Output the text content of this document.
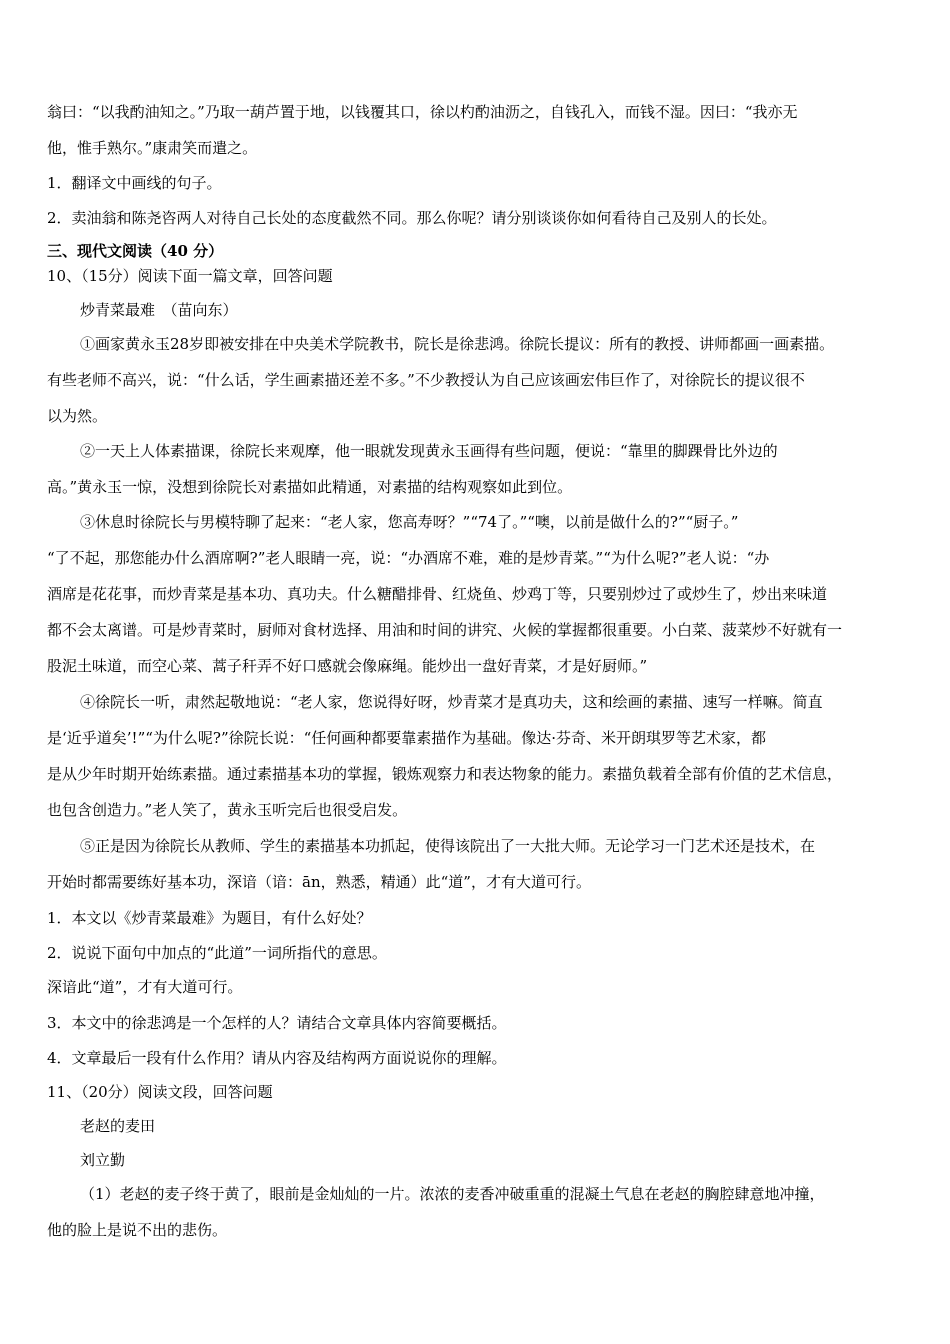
翁曰：“以我酌油知之。”乃取一葫芦置于地，以钱覆其口，徐以杓酌油沥之，自钱孔入，而钱不湿。因曰：“我亦无
他，惟手熟尔。”康肃笑而遣之。
1．翻译文中画线的句子。
2．卖油翁和陈尧咨两人对待自己长处的态度截然不同。那么你呢？请分别谈谈你如何看待自己及别人的长处。
三、现代文阅读（40 分）
10、（15分）阅读下面一篇文章，回答问题
炒青菜最难　（苗向东）
①画家黄永玉28岁即被安排在中央美术学院教书，院长是徐悲鸿。徐院长提议：所有的教授、讲师都画一画素描。
有些老师不高兴，说：“什么话，学生画素描还差不多。”不少教授认为自己应该画宏伟巨作了，对徐院长的提议很不
以为然。
②一天上人体素描课，徐院长来观摩，他一眼就发现黄永玉画得有些问题，便说：“靠里的脚踝骨比外边的
高。”黄永玉一惊，没想到徐院长对素描如此精通，对素描的结构观察如此到位。
③休息时徐院长与男模特聊了起来：“老人家，您高寿呀？”“74了。”“噢，以前是做什么的?”“厨子。”
“了不起，那您能办什么酒席啊?”老人眼睛一亮，说：“办酒席不难，难的是炒青菜。”“为什么呢?”老人说：“办
酒席是花花事，而炒青菜是基本功、真功夫。什么糖醋排骨、红烧鱼、炒鸡丁等，只要别炒过了或炒生了，炒出来味道
都不会太离谱。可是炒青菜时，厨师对食材选择、用油和时间的讲究、火候的掌握都很重要。小白菜、菠菜炒不好就有一
股泥土味道，而空心菜、蒿子秆弄不好口感就会像麻绳。能炒出一盘好青菜，才是好厨师。”
④徐院长一听，肃然起敬地说：“老人家，您说得好呀，炒青菜才是真功夫，这和绘画的素描、速写一样嘛。简直
是‘近乎道矣’!”“为什么呢?”徐院长说：“任何画种都要靠素描作为基础。像达·芬奇、米开朗琪罗等艺术家，都
是从少年时期开始练素描。通过素描基本功的掌握，锻炼观察力和表达物象的能力。素描负载着全部有价值的艺术信息，
也包含创造力。”老人笑了，黄永玉听完后也很受启发。
⑤正是因为徐院长从教师、学生的素描基本功抓起，使得该院出了一大批大师。无论学习一门艺术还是技术，在
开始时都需要练好基本功，深谙（谙：ān，熟悉，精通）此“道”，才有大道可行。
1．本文以《炒青菜最难》为题目，有什么好处？
2．说说下面句中加点的“此道”一词所指代的意思。
深谙此“道”，才有大道可行。
3．本文中的徐悲鸿是一个怎样的人？请结合文章具体内容简要概括。
4．文章最后一段有什么作用？请从内容及结构两方面说说你的理解。
11、（20分）阅读文段，回答问题
老赵的麦田
刘立勤
（1）老赵的麦子终于黄了，眼前是金灿灿的一片。浓浓的麦香冲破重重的混凝土气息在老赵的胸腔肆意地冲撞，
他的脸上是说不出的悲伤。
